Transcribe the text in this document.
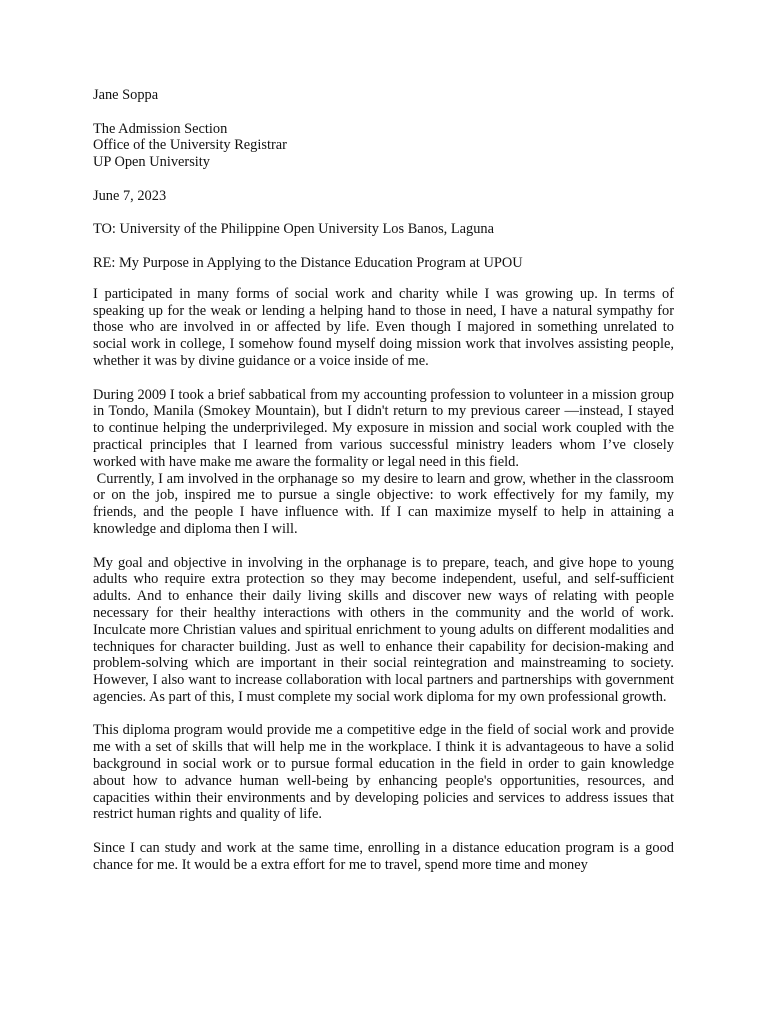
Jane Soppa

The Admission Section

Office of the University Registrar

UP Open University

June 7, 2023

TO: University of the Philippine Open University Los Banos, Laguna

RE: My Purpose in Applying to the Distance Education Program at UPOU

I participated in many forms of social work and charity while I was growing up. In terms of speaking up for the weak or lending a helping hand to those in need, I have a natural sympathy for those who are involved in or affected by life. Even though I majored in something unrelated to social work in college, I somehow found myself doing mission work that involves assisting people, whether it was by divine guidance or a voice inside of me.

During 2009 I took a brief sabbatical from my accounting profession to volunteer in a mission group in Tondo, Manila (Smokey Mountain), but I didn't return to my previous career —instead, I stayed to continue helping the underprivileged. My exposure in mission and social work coupled with the practical principles that I learned from various successful ministry leaders whom I’ve closely worked with have make me aware the formality or legal need in this field.

Currently, I am involved in the orphanage so  my desire to learn and grow, whether in the classroom or on the job, inspired me to pursue a single objective: to work effectively for my family, my friends, and the people I have influence with. If I can maximize myself to help in attaining a knowledge and diploma then I will.

My goal and objective in involving in the orphanage is to prepare, teach, and give hope to young adults who require extra protection so they may become independent, useful, and self-sufficient adults. And to enhance their daily living skills and discover new ways of relating with people necessary for their healthy interactions with others in the community and the world of work. Inculcate more Christian values and spiritual enrichment to young adults on different modalities and techniques for character building. Just as well to enhance their capability for decision-making and problem-solving which are important in their social reintegration and mainstreaming to society. However, I also want to increase collaboration with local partners and partnerships with government agencies. As part of this, I must complete my social work diploma for my own professional growth.

This diploma program would provide me a competitive edge in the field of social work and provide me with a set of skills that will help me in the workplace. I think it is advantageous to have a solid background in social work or to pursue formal education in the field in order to gain knowledge about how to advance human well-being by enhancing people's opportunities, resources, and capacities within their environments and by developing policies and services to address issues that restrict human rights and quality of life.

Since I can study and work at the same time, enrolling in a distance education program is a good chance for me. It would be a extra effort for me to travel, spend more time and money
